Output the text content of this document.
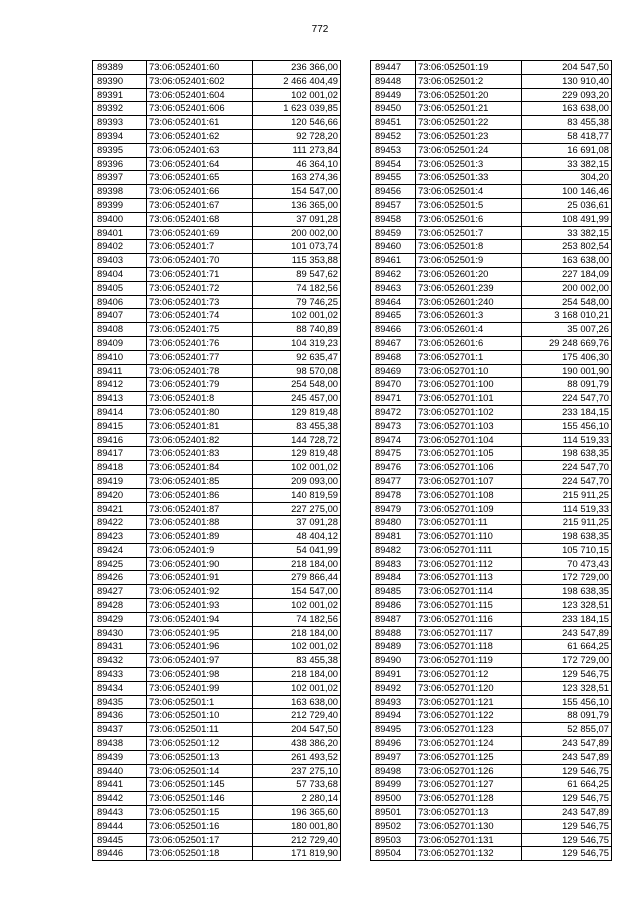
772
89389	73:06:052401:60	236 366,00
89390	73:06:052401:602	2 466 404,49
89391	73:06:052401:604	102 001,02
89392	73:06:052401:606	1 623 039,85
89393	73:06:052401:61	120 546,66
89394	73:06:052401:62	92 728,20
89395	73:06:052401:63	111 273,84
89396	73:06:052401:64	46 364,10
89397	73:06:052401:65	163 274,36
89398	73:06:052401:66	154 547,00
89399	73:06:052401:67	136 365,00
89400	73:06:052401:68	37 091,28
89401	73:06:052401:69	200 002,00
89402	73:06:052401:7	101 073,74
89403	73:06:052401:70	115 353,88
89404	73:06:052401:71	89 547,62
89405	73:06:052401:72	74 182,56
89406	73:06:052401:73	79 746,25
89407	73:06:052401:74	102 001,02
89408	73:06:052401:75	88 740,89
89409	73:06:052401:76	104 319,23
89410	73:06:052401:77	92 635,47
89411	73:06:052401:78	98 570,08
89412	73:06:052401:79	254 548,00
89413	73:06:052401:8	245 457,00
89414	73:06:052401:80	129 819,48
89415	73:06:052401:81	83 455,38
89416	73:06:052401:82	144 728,72
89417	73:06:052401:83	129 819,48
89418	73:06:052401:84	102 001,02
89419	73:06:052401:85	209 093,00
89420	73:06:052401:86	140 819,59
89421	73:06:052401:87	227 275,00
89422	73:06:052401:88	37 091,28
89423	73:06:052401:89	48 404,12
89424	73:06:052401:9	54 041,99
89425	73:06:052401:90	218 184,00
89426	73:06:052401:91	279 866,44
89427	73:06:052401:92	154 547,00
89428	73:06:052401:93	102 001,02
89429	73:06:052401:94	74 182,56
89430	73:06:052401:95	218 184,00
89431	73:06:052401:96	102 001,02
89432	73:06:052401:97	83 455,38
89433	73:06:052401:98	218 184,00
89434	73:06:052401:99	102 001,02
89435	73:06:052501:1	163 638,00
89436	73:06:052501:10	212 729,40
89437	73:06:052501:11	204 547,50
89438	73:06:052501:12	438 386,20
89439	73:06:052501:13	261 493,52
89440	73:06:052501:14	237 275,10
89441	73:06:052501:145	57 733,68
89442	73:06:052501:146	2 280,14
89443	73:06:052501:15	196 365,60
89444	73:06:052501:16	180 001,80
89445	73:06:052501:17	212 729,40
89446	73:06:052501:18	171 819,90
89447	73:06:052501:19	204 547,50
89448	73:06:052501:2	130 910,40
89449	73:06:052501:20	229 093,20
89450	73:06:052501:21	163 638,00
89451	73:06:052501:22	83 455,38
89452	73:06:052501:23	58 418,77
89453	73:06:052501:24	16 691,08
89454	73:06:052501:3	33 382,15
89455	73:06:052501:33	304,20
89456	73:06:052501:4	100 146,46
89457	73:06:052501:5	25 036,61
89458	73:06:052501:6	108 491,99
89459	73:06:052501:7	33 382,15
89460	73:06:052501:8	253 802,54
89461	73:06:052501:9	163 638,00
89462	73:06:052601:20	227 184,09
89463	73:06:052601:239	200 002,00
89464	73:06:052601:240	254 548,00
89465	73:06:052601:3	3 168 010,21
89466	73:06:052601:4	35 007,26
89467	73:06:052601:6	29 248 669,76
89468	73:06:052701:1	175 406,30
89469	73:06:052701:10	190 001,90
89470	73:06:052701:100	88 091,79
89471	73:06:052701:101	224 547,70
89472	73:06:052701:102	233 184,15
89473	73:06:052701:103	155 456,10
89474	73:06:052701:104	114 519,33
89475	73:06:052701:105	198 638,35
89476	73:06:052701:106	224 547,70
89477	73:06:052701:107	224 547,70
89478	73:06:052701:108	215 911,25
89479	73:06:052701:109	114 519,33
89480	73:06:052701:11	215 911,25
89481	73:06:052701:110	198 638,35
89482	73:06:052701:111	105 710,15
89483	73:06:052701:112	70 473,43
89484	73:06:052701:113	172 729,00
89485	73:06:052701:114	198 638,35
89486	73:06:052701:115	123 328,51
89487	73:06:052701:116	233 184,15
89488	73:06:052701:117	243 547,89
89489	73:06:052701:118	61 664,25
89490	73:06:052701:119	172 729,00
89491	73:06:052701:12	129 546,75
89492	73:06:052701:120	123 328,51
89493	73:06:052701:121	155 456,10
89494	73:06:052701:122	88 091,79
89495	73:06:052701:123	52 855,07
89496	73:06:052701:124	243 547,89
89497	73:06:052701:125	243 547,89
89498	73:06:052701:126	129 546,75
89499	73:06:052701:127	61 664,25
89500	73:06:052701:128	129 546,75
89501	73:06:052701:13	243 547,89
89502	73:06:052701:130	129 546,75
89503	73:06:052701:131	129 546,75
89504	73:06:052701:132	129 546,75
